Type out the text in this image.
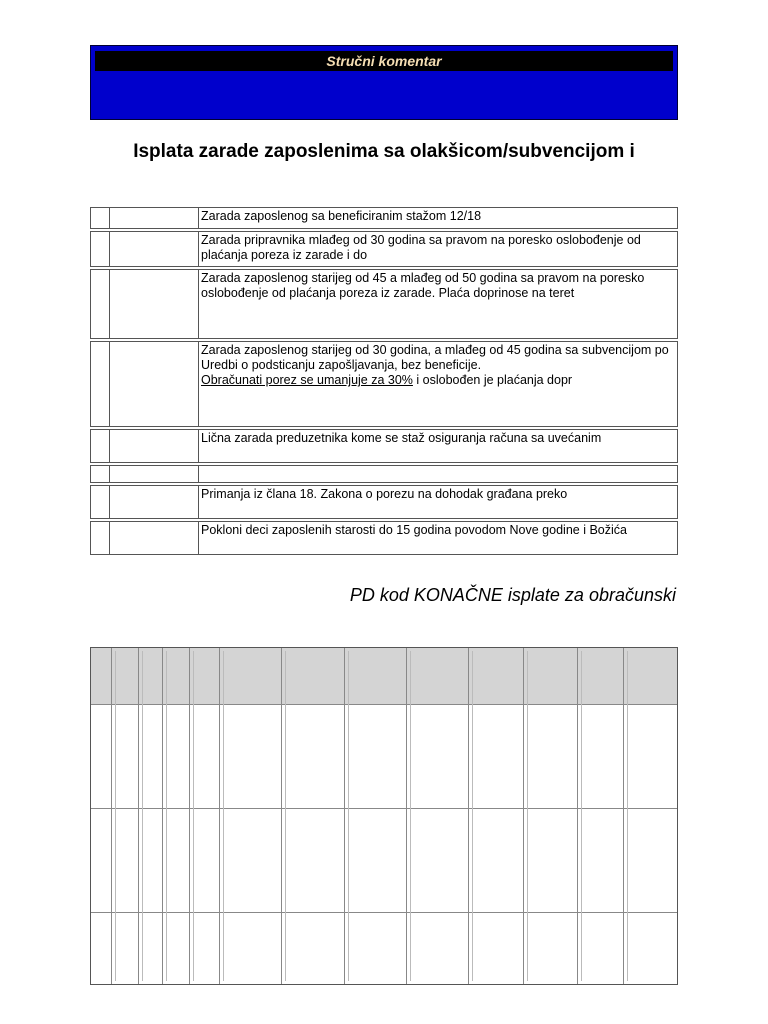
Stručni komentar
Isplata zarade zaposlenima sa olakšicom/subvencijom i
		Zarada zaposlenog sa beneficiranim stažom 12/18
		Zarada pripravnika mlađeg od 30 godina sa pravom na poresko oslobođenje od plaćanja poreza iz zarade i do
		Zarada zaposlenog starijeg od 45 a mlađeg od 50 godina sa pravom na poresko oslobođenje od plaćanja poreza iz zarade. Plaća doprinose na teret
		Zarada zaposlenog starijeg od 30 godina, a mlađeg od 45 godina sa subvencijom po Uredbi o podsticanju zapošljavanja, bez beneficije.
Obračunati porez se umanjuje za 30% i oslobođen je plaćanja dopr
		Lična zarada preduzetnika kome se staž osiguranja računa sa uvećanim

		Primanja iz člana 18. Zakona o porezu na dohodak građana preko
		Pokloni deci zaposlenih starosti do 15 godina povodom Nove godine i Božića
PD kod KONAČNE isplate za obračunski
